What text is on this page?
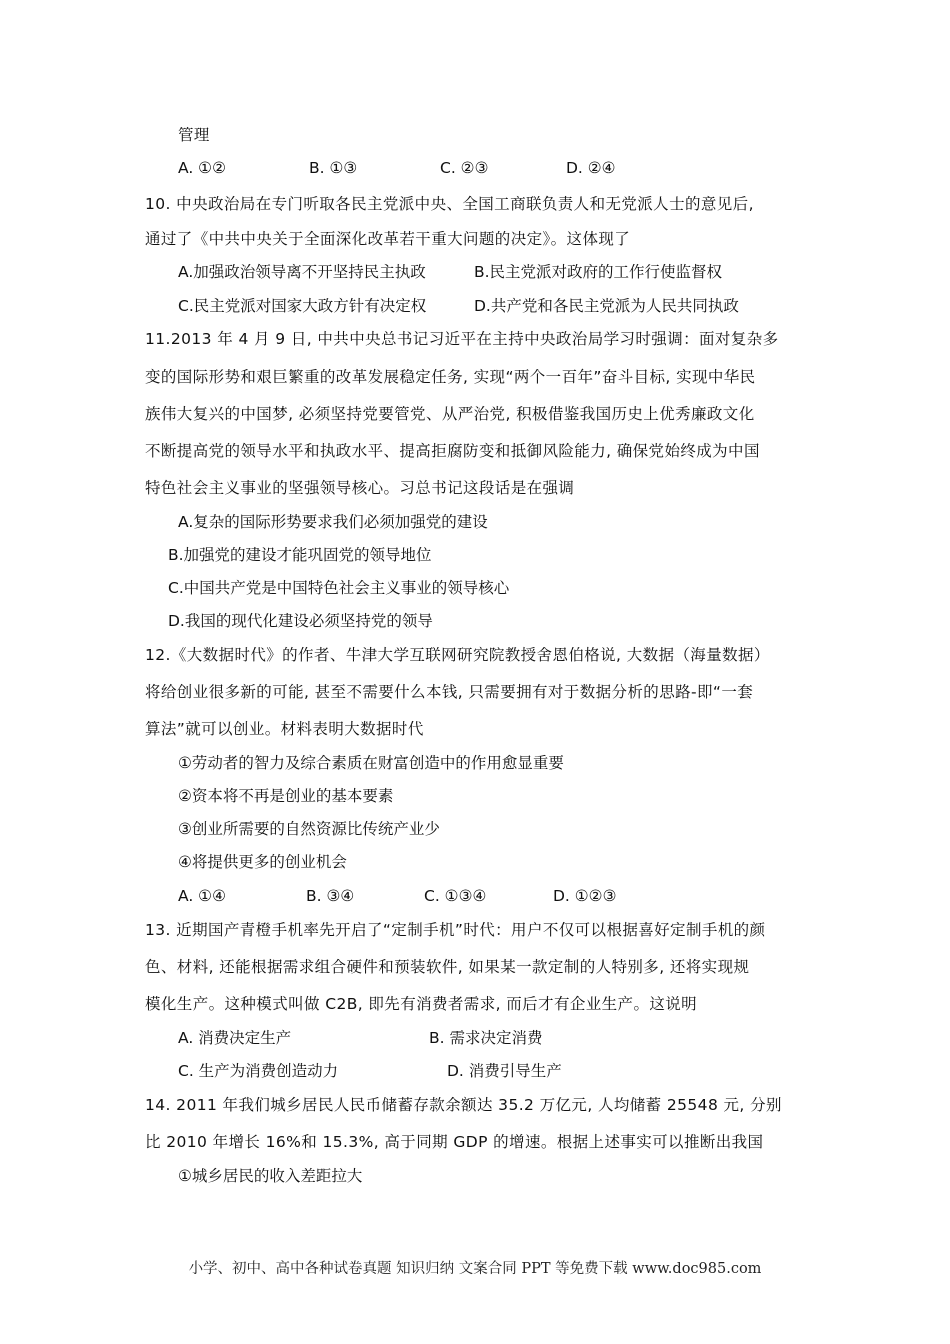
管理
A. ①②	B. ①③	C. ②③	D. ②④
10. 中央政治局在专门听取各民主党派中央、全国工商联负责人和无党派人士的意见后,
通过了《中共中央关于全面深化改革若干重大问题的决定》。这体现了
A.加强政治领导离不开坚持民主执政	B.民主党派对政府的工作行使监督权
C.民主党派对国家大政方针有决定权	D.共产党和各民主党派为人民共同执政
11.2013 年 4 月 9 日, 中共中央总书记习近平在主持中央政治局学习时强调：面对复杂多
变的国际形势和艰巨繁重的改革发展稳定任务, 实现“两个一百年”奋斗目标, 实现中华民
族伟大复兴的中国梦, 必须坚持党要管党、从严治党, 积极借鉴我国历史上优秀廉政文化
不断提高党的领导水平和执政水平、提高拒腐防变和抵御风险能力, 确保党始终成为中国
特色社会主义事业的坚强领导核心。习总书记这段话是在强调
A.复杂的国际形势要求我们必须加强党的建设
B.加强党的建设才能巩固党的领导地位
C.中国共产党是中国特色社会主义事业的领导核心
D.我国的现代化建设必须坚持党的领导
12.《大数据时代》的作者、牛津大学互联网研究院教授舍恩伯格说, 大数据（海量数据）
将给创业很多新的可能, 甚至不需要什么本钱, 只需要拥有对于数据分析的思路-即“一套
算法”就可以创业。材料表明大数据时代
①劳动者的智力及综合素质在财富创造中的作用愈显重要
②资本将不再是创业的基本要素
③创业所需要的自然资源比传统产业少
④将提供更多的创业机会
A. ①④	B. ③④	C. ①③④	D. ①②③
13. 近期国产青橙手机率先开启了“定制手机”时代：用户不仅可以根据喜好定制手机的颜
色、材料, 还能根据需求组合硬件和预装软件, 如果某一款定制的人特别多, 还将实现规
模化生产。这种模式叫做 C2B, 即先有消费者需求, 而后才有企业生产。这说明
A. 消费决定生产	B. 需求决定消费
C. 生产为消费创造动力	D. 消费引导生产
14. 2011 年我们城乡居民人民币储蓄存款余额达 35.2 万亿元, 人均储蓄 25548 元, 分别
比 2010 年增长 16%和 15.3%, 高于同期 GDP 的增速。根据上述事实可以推断出我国
①城乡居民的收入差距拉大
小学、初中、高中各种试卷真题 知识归纳 文案合同 PPT 等免费下载 www.doc985.com
